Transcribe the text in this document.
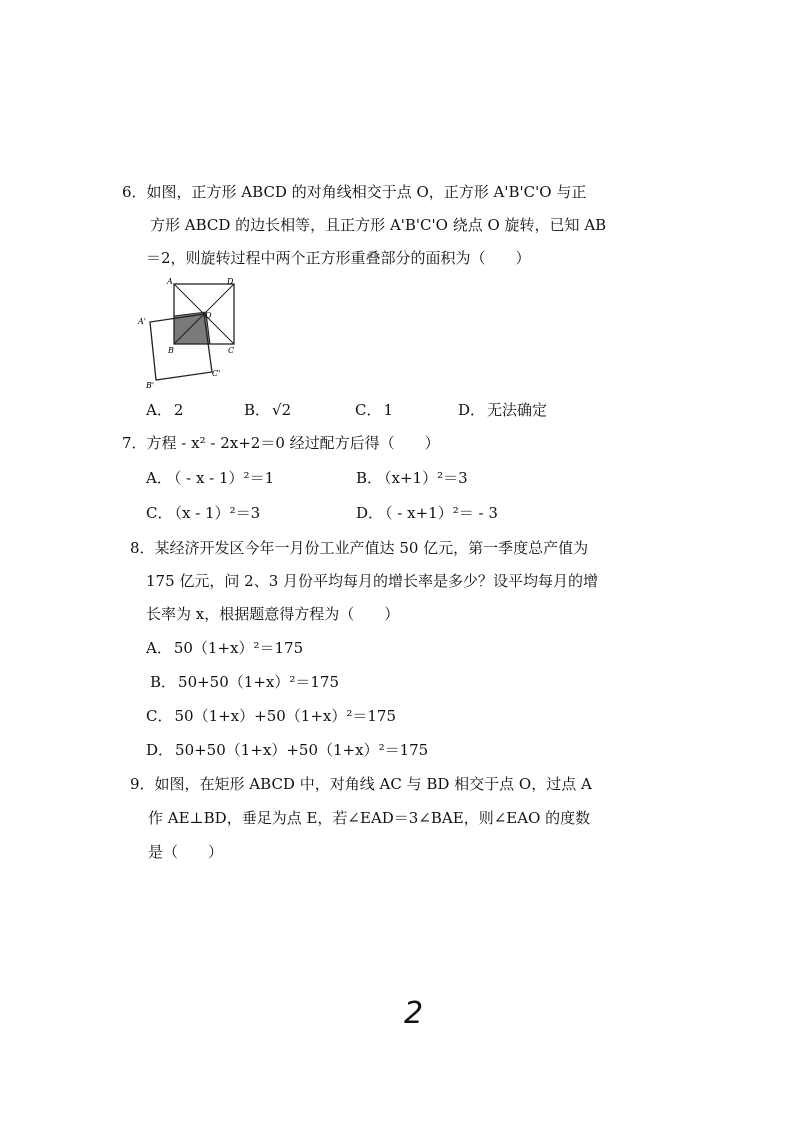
6．如图，正方形 ABCD 的对角线相交于点 O，正方形 A'B'C'O 与正
方形 ABCD 的边长相等，且正方形 A'B'C'O 绕点 O 旋转，已知 AB
＝2，则旋转过程中两个正方形重叠部分的面积为（　　）
A	D
O
B	C
A'
B'
C'
A． 2	B． √2	C． 1	D． 无法确定
7．方程 - x² - 2x+2＝0 经过配方后得（　　）
A． （ - x - 1）²＝1	B． （x+1）²＝3
C． （x - 1）²＝3	D． （ - x+1）²＝ - 3
8．某经济开发区今年一月份工业产值达 50 亿元，第一季度总产值为
175 亿元，问 2、3 月份平均每月的增长率是多少？设平均每月的增
长率为 x，根据题意得方程为（　　）
A． 50（1+x）²＝175
B． 50+50（1+x）²＝175
C． 50（1+x）+50（1+x）²＝175
D． 50+50（1+x）+50（1+x）²＝175
9．如图，在矩形 ABCD 中，对角线 AC 与 BD 相交于点 O，过点 A
作 AE⊥BD，垂足为点 E，若∠EAD＝3∠BAE，则∠EAO 的度数
是（　　）
2
